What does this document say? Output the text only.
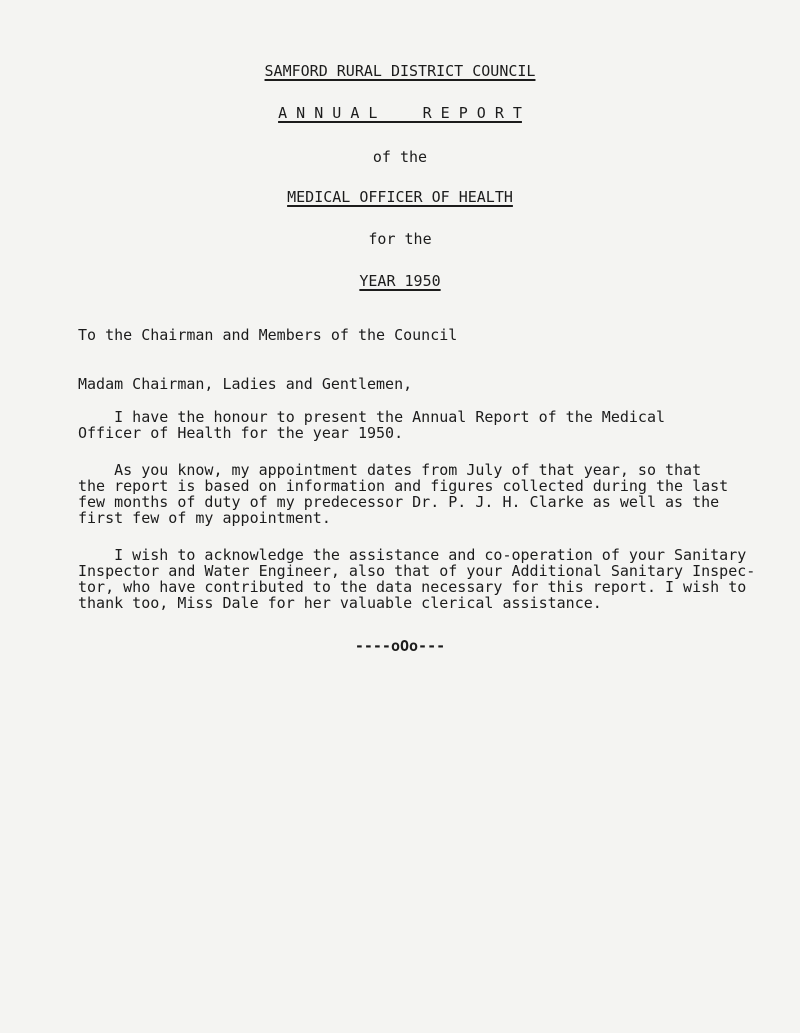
SAMFORD RURAL DISTRICT COUNCIL
A N N U A L     R E P O R T
of the
MEDICAL OFFICER OF HEALTH
for the
YEAR 1950
To the Chairman and Members of the Council
Madam Chairman, Ladies and Gentlemen,
I have the honour to present the Annual Report of the Medical
Officer of Health for the year 1950.
As you know, my appointment dates from July of that year, so that
the report is based on information and figures collected during the last
few months of duty of my predecessor Dr. P. J. H. Clarke as well as the
first few of my appointment.
I wish to acknowledge the assistance and co-operation of your Sanitary
Inspector and Water Engineer, also that of your Additional Sanitary Inspec-
tor, who have contributed to the data necessary for this report. I wish to
thank too, Miss Dale for her valuable clerical assistance.
----oOo---
